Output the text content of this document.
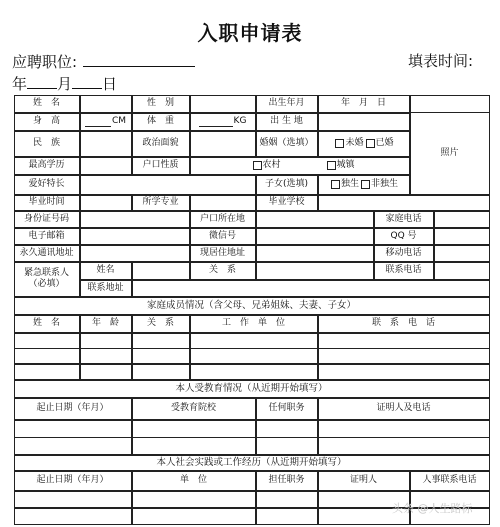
入职申请表
应聘职位:	填表时间:
年 月 日
姓　名	性　别	出生年月	年　月　日
身　高	CM	体　重	KG	出 生 地
民　族	政治面貌	婚姻（选填）	未婚 已婚
照片
最高学历	户口性质	农村	城镇
爱好特长	子女(选填)	独生 非独生
毕业时间	所学专业	毕业学校
身份证号码	户口所在地	家庭电话
电子邮箱	微信号	QQ 号
永久通讯地址	现居住地址	移动电话
紧急联系人（必填）
姓名	关　系	联系电话
联系地址
家庭成员情况（含父母、兄弟姐妹、夫妻、子女）
姓　名	年　龄	关　系	工　作　单　位	联　系　电　话
本人受教育情况（从近期开始填写）
起止日期（年月）	受教育院校	任何职务	证明人及电话
本人社会实践或工作经历（从近期开始填写）
起止日期（年月）	单　位	担任职务	证明人	人事联系电话
头条 @人生路标
